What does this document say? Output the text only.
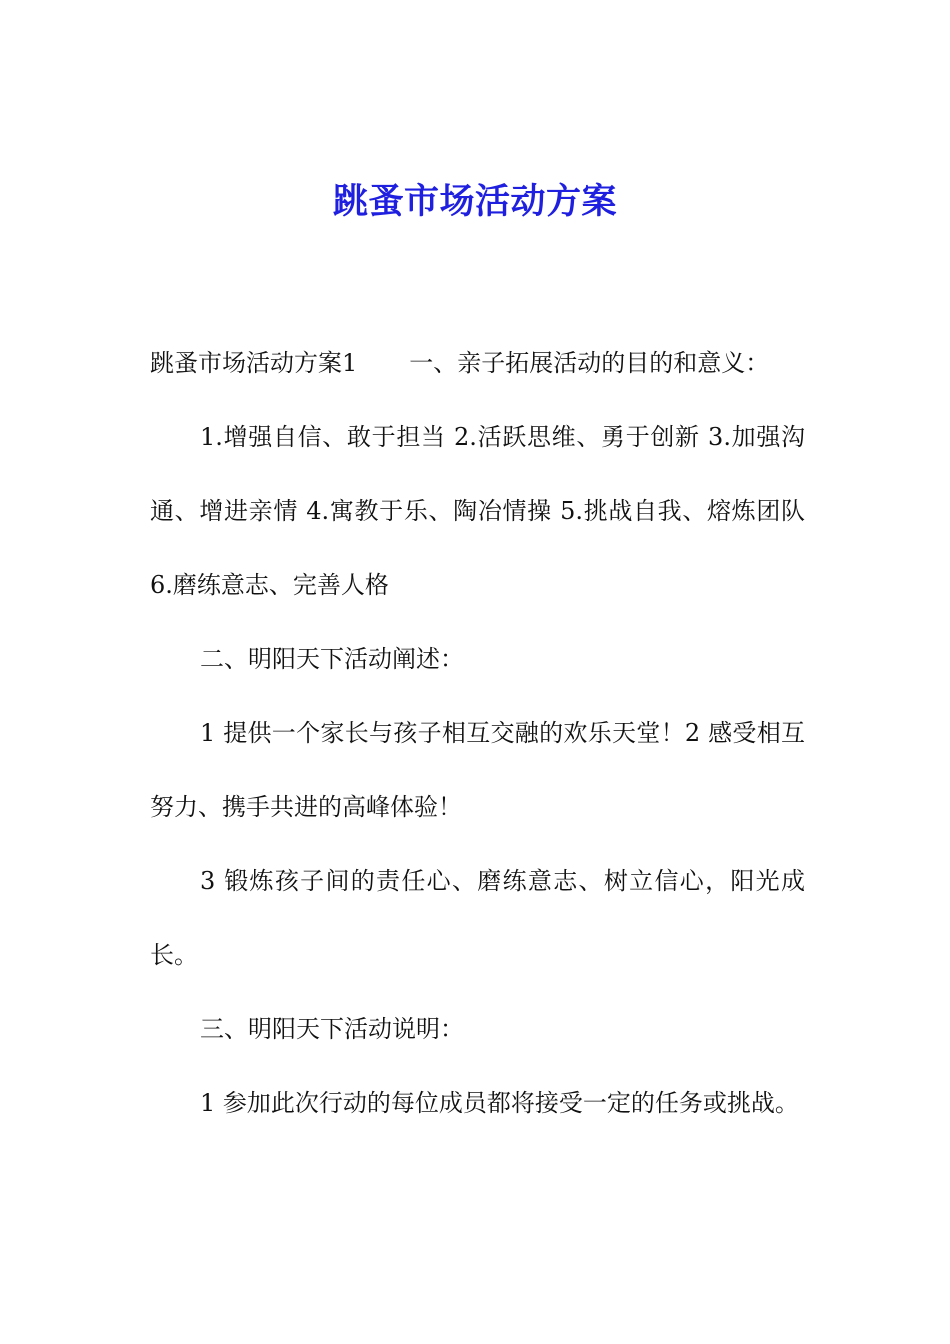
跳蚤市场活动方案

跳蚤市场活动方案1 一、亲子拓展活动的目的和意义：

1.增强自信、敢于担当 2.活跃思维、勇于创新 3.加强沟通、增进亲情 4.寓教于乐、陶冶情操 5.挑战自我、熔炼团队 6.磨练意志、完善人格

二、明阳天下活动阐述：

1 提供一个家长与孩子相互交融的欢乐天堂！2 感受相互努力、携手共进的高峰体验！

3 锻炼孩子间的责任心、磨练意志、树立信心，阳光成长。

三、明阳天下活动说明：

1 参加此次行动的每位成员都将接受一定的任务或挑战。
